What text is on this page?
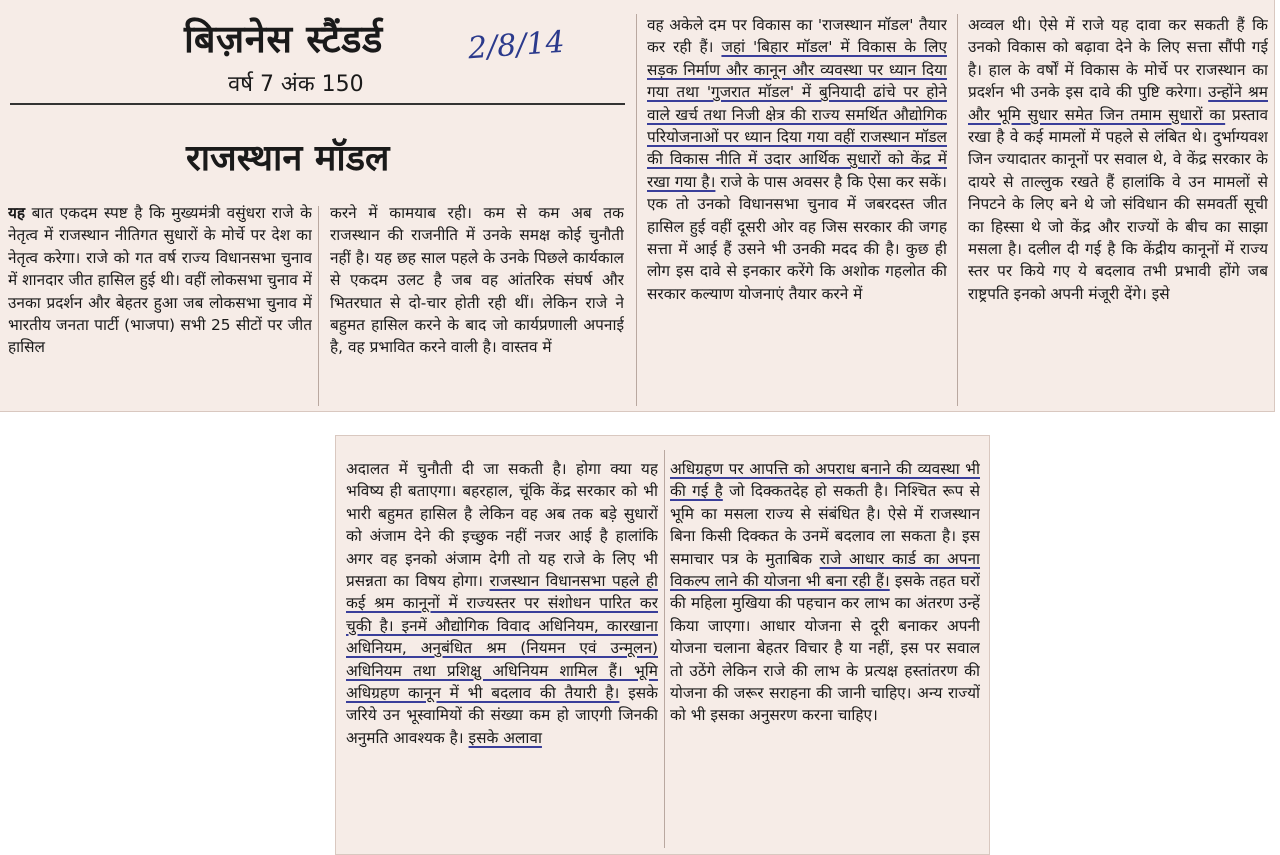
बिज़नेस स्टैंडर्ड
वर्ष 7 अंक 150
2/8/14
राजस्थान मॉडल
यह बात एकदम स्पष्ट है कि मुख्यमंत्री वसुंधरा राजे के नेतृत्व में राजस्थान नीतिगत सुधारों के मोर्चे पर देश का नेतृत्व करेगा। राजे को गत वर्ष राज्य विधानसभा चुनाव में शानदार जीत हासिल हुई थी। वहीं लोकसभा चुनाव में उनका प्रदर्शन और बेहतर हुआ जब लोकसभा चुनाव में भारतीय जनता पार्टी (भाजपा) सभी 25 सीटों पर जीत हासिल
करने में कामयाब रही। कम से कम अब तक राजस्थान की राजनीति में उनके समक्ष कोई चुनौती नहीं है। यह छह साल पहले के उनके पिछले कार्यकाल से एकदम उलट है जब वह आंतरिक संघर्ष और भितरघात से दो-चार होती रही थीं। लेकिन राजे ने बहुमत हासिल करने के बाद जो कार्यप्रणाली अपनाई है, वह प्रभावित करने वाली है। वास्तव में
वह अकेले दम पर विकास का 'राजस्थान मॉडल' तैयार कर रही हैं। जहां 'बिहार मॉडल' में विकास के लिए सड़क निर्माण और कानून और व्यवस्था पर ध्यान दिया गया तथा 'गुजरात मॉडल' में बुनियादी ढांचे पर होने वाले खर्च तथा निजी क्षेत्र की राज्य समर्थित औद्योगिक परियोजनाओं पर ध्यान दिया गया वहीं राजस्थान मॉडल की विकास नीति में उदार आर्थिक सुधारों को केंद्र में रखा गया है। राजे के पास अवसर है कि ऐसा कर सकें। एक तो उनको विधानसभा चुनाव में जबरदस्त जीत हासिल हुई वहीं दूसरी ओर वह जिस सरकार की जगह सत्ता में आई हैं उसने भी उनकी मदद की है। कुछ ही लोग इस दावे से इनकार करेंगे कि अशोक गहलोत की सरकार कल्याण योजनाएं तैयार करने में
अव्वल थी। ऐसे में राजे यह दावा कर सकती हैं कि उनको विकास को बढ़ावा देने के लिए सत्ता सौंपी गई है। हाल के वर्षों में विकास के मोर्चे पर राजस्थान का प्रदर्शन भी उनके इस दावे की पुष्टि करेगा। उन्होंने श्रम और भूमि सुधार समेत जिन तमाम सुधारों का प्रस्ताव रखा है वे कई मामलों में पहले से लंबित थे। दुर्भाग्यवश जिन ज्यादातर कानूनों पर सवाल थे, वे केंद्र सरकार के दायरे से ताल्लुक रखते हैं हालांकि वे उन मामलों से निपटने के लिए बने थे जो संविधान की समवर्ती सूची का हिस्सा थे जो केंद्र और राज्यों के बीच का साझा मसला है। दलील दी गई है कि केंद्रीय कानूनों में राज्य स्तर पर किये गए ये बदलाव तभी प्रभावी होंगे जब राष्ट्रपति इनको अपनी मंजूरी देंगे। इसे
अदालत में चुनौती दी जा सकती है। होगा क्या यह भविष्य ही बताएगा। बहरहाल, चूंकि केंद्र सरकार को भी भारी बहुमत हासिल है लेकिन वह अब तक बड़े सुधारों को अंजाम देने की इच्छुक नहीं नजर आई है हालांकि अगर वह इनको अंजाम देगी तो यह राजे के लिए भी प्रसन्नता का विषय होगा। राजस्थान विधानसभा पहले ही कई श्रम कानूनों में राज्यस्तर पर संशोधन पारित कर चुकी है। इनमें औद्योगिक विवाद अधिनियम, कारखाना अधिनियम, अनुबंधित श्रम (नियमन एवं उन्मूलन) अधिनियम तथा प्रशिक्षु अधिनियम शामिल हैं। भूमि अधिग्रहण कानून में भी बदलाव की तैयारी है। इसके जरिये उन भूस्वामियों की संख्या कम हो जाएगी जिनकी अनुमति आवश्यक है। इसके अलावा
अधिग्रहण पर आपत्ति को अपराध बनाने की व्यवस्था भी की गई है जो दिक्कतदेह हो सकती है। निश्चित रूप से भूमि का मसला राज्य से संबंधित है। ऐसे में राजस्थान बिना किसी दिक्कत के उनमें बदलाव ला सकता है। इस समाचार पत्र के मुताबिक राजे आधार कार्ड का अपना विकल्प लाने की योजना भी बना रही हैं। इसके तहत घरों की महिला मुखिया की पहचान कर लाभ का अंतरण उन्हें किया जाएगा। आधार योजना से दूरी बनाकर अपनी योजना चलाना बेहतर विचार है या नहीं, इस पर सवाल तो उठेंगे लेकिन राजे की लाभ के प्रत्यक्ष हस्तांतरण की योजना की जरूर सराहना की जानी चाहिए। अन्य राज्यों को भी इसका अनुसरण करना चाहिए।
